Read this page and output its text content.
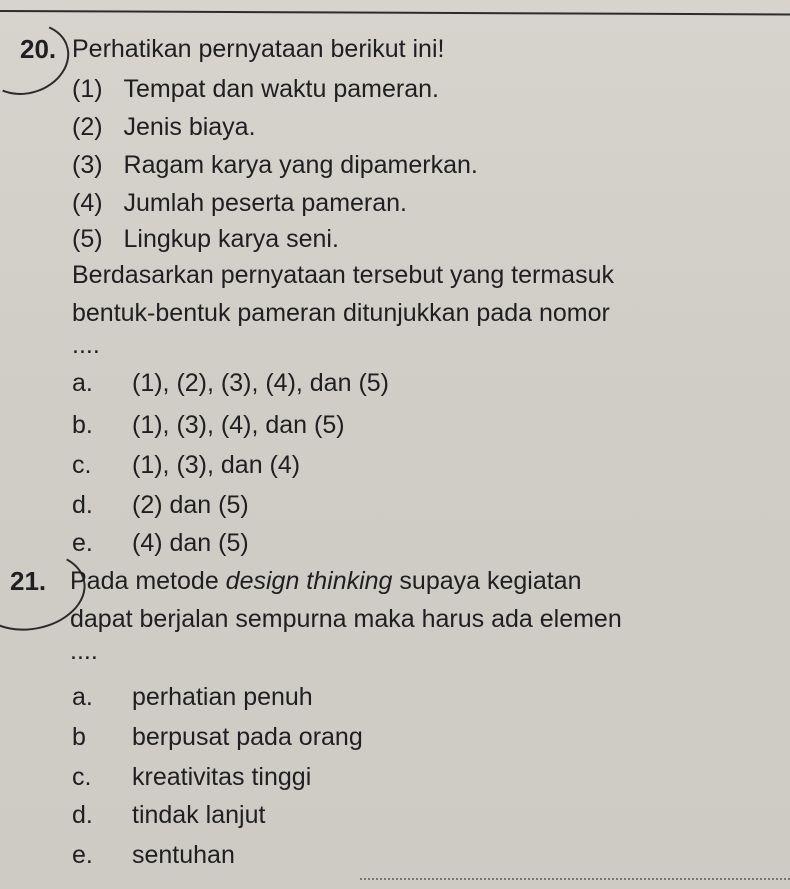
20. Perhatikan pernyataan berikut ini!
(1) Tempat dan waktu pameran.
(2) Jenis biaya.
(3) Ragam karya yang dipamerkan.
(4) Jumlah peserta pameran.
(5) Lingkup karya seni.
Berdasarkan pernyataan tersebut yang termasuk
bentuk-bentuk pameran ditunjukkan pada nomor
....
a. (1), (2), (3), (4), dan (5)
b. (1), (3), (4), dan (5)
c. (1), (3), dan (4)
d. (2) dan (5)
e. (4) dan (5)
21. Pada metode design thinking supaya kegiatan
dapat berjalan sempurna maka harus ada elemen
....
a. perhatian penuh
b berpusat pada orang
c. kreativitas tinggi
d. tindak lanjut
e. sentuhan
